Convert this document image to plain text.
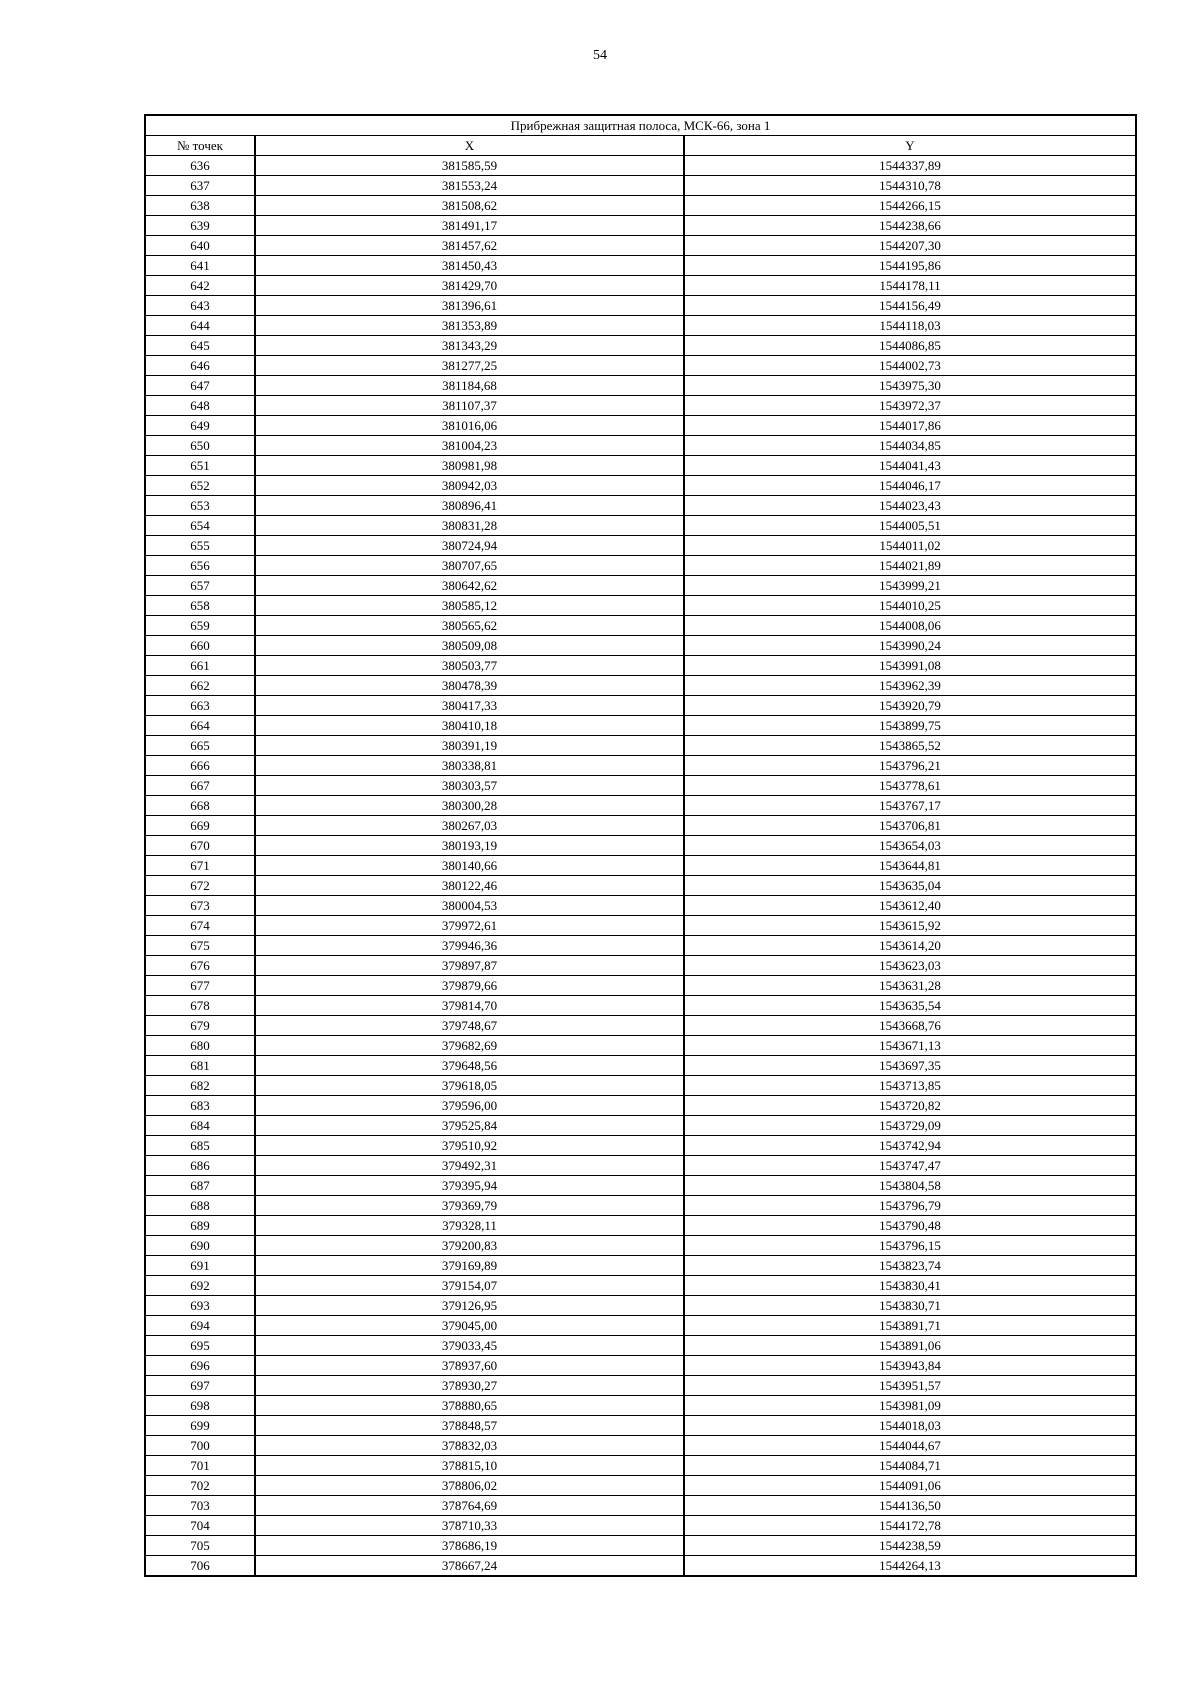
54
Прибрежная защитная полоса, МСК-66, зона 1		
№ точек	X	Y
636	381585,59	1544337,89
637	381553,24	1544310,78
638	381508,62	1544266,15
639	381491,17	1544238,66
640	381457,62	1544207,30
641	381450,43	1544195,86
642	381429,70	1544178,11
643	381396,61	1544156,49
644	381353,89	1544118,03
645	381343,29	1544086,85
646	381277,25	1544002,73
647	381184,68	1543975,30
648	381107,37	1543972,37
649	381016,06	1544017,86
650	381004,23	1544034,85
651	380981,98	1544041,43
652	380942,03	1544046,17
653	380896,41	1544023,43
654	380831,28	1544005,51
655	380724,94	1544011,02
656	380707,65	1544021,89
657	380642,62	1543999,21
658	380585,12	1544010,25
659	380565,62	1544008,06
660	380509,08	1543990,24
661	380503,77	1543991,08
662	380478,39	1543962,39
663	380417,33	1543920,79
664	380410,18	1543899,75
665	380391,19	1543865,52
666	380338,81	1543796,21
667	380303,57	1543778,61
668	380300,28	1543767,17
669	380267,03	1543706,81
670	380193,19	1543654,03
671	380140,66	1543644,81
672	380122,46	1543635,04
673	380004,53	1543612,40
674	379972,61	1543615,92
675	379946,36	1543614,20
676	379897,87	1543623,03
677	379879,66	1543631,28
678	379814,70	1543635,54
679	379748,67	1543668,76
680	379682,69	1543671,13
681	379648,56	1543697,35
682	379618,05	1543713,85
683	379596,00	1543720,82
684	379525,84	1543729,09
685	379510,92	1543742,94
686	379492,31	1543747,47
687	379395,94	1543804,58
688	379369,79	1543796,79
689	379328,11	1543790,48
690	379200,83	1543796,15
691	379169,89	1543823,74
692	379154,07	1543830,41
693	379126,95	1543830,71
694	379045,00	1543891,71
695	379033,45	1543891,06
696	378937,60	1543943,84
697	378930,27	1543951,57
698	378880,65	1543981,09
699	378848,57	1544018,03
700	378832,03	1544044,67
701	378815,10	1544084,71
702	378806,02	1544091,06
703	378764,69	1544136,50
704	378710,33	1544172,78
705	378686,19	1544238,59
706	378667,24	1544264,13
